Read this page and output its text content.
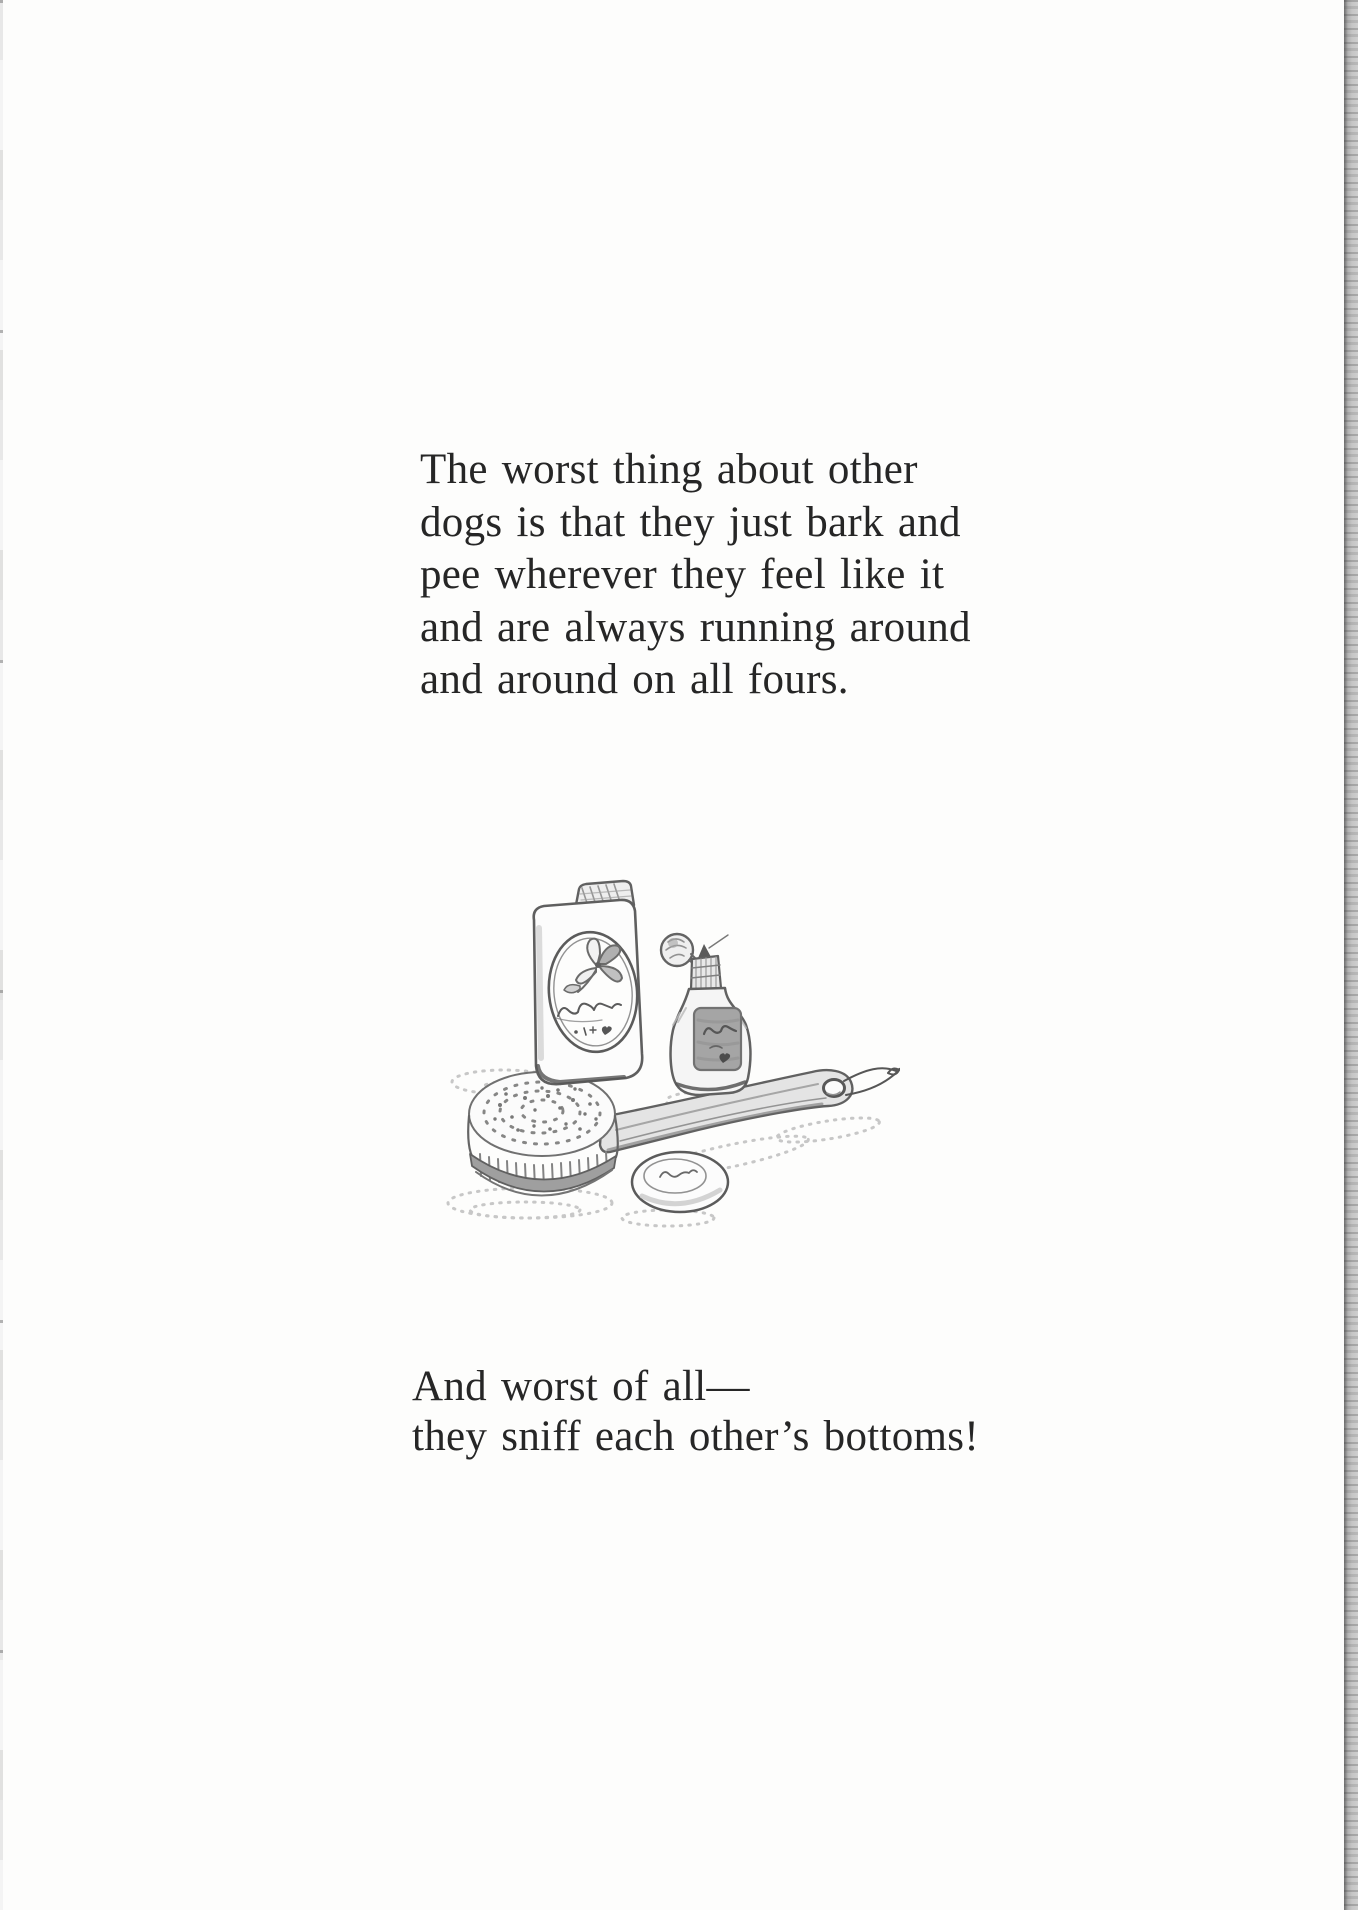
The worst thing about other
dogs is that they just bark and
pee wherever they feel like it
and are always running around
and around on all fours.
And worst of all—
they sniff each other’s bottoms!
